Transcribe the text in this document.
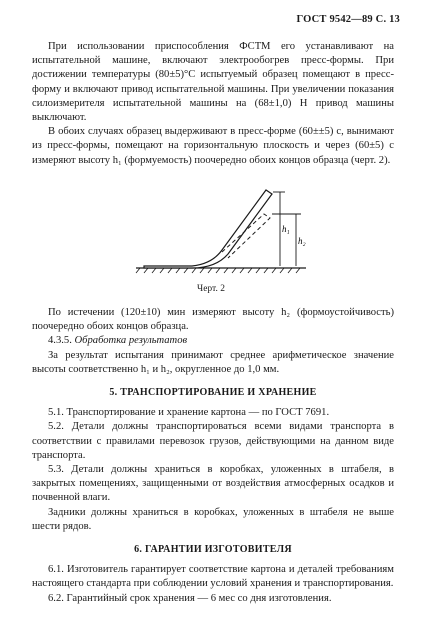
ГОСТ 9542—89 С. 13

При использовании приспособления ФСТМ его устанавливают на испытательной машине, включают электрообогрев пресс-формы. При достижении температуры (80±5)°С испытуемый образец помещают в пресс-форму и включают привод испытательной машины. При увеличении показания силоизмерителя испытательной машины на (68±1,0) Н привод машины выключают.

В обоих случаях образец выдерживают в пресс-форме (60±±5) с, вынимают из пресс-формы, помещают на горизонтальную плоскость и через (60±5) с измеряют высоту h₁ (формуемость) поочередно обоих концов образца (черт. 2).

h₁
h₂
Черт. 2

По истечении (120±10) мин измеряют высоту h₂ (формоустойчивость) поочередно обоих концов образца.

4.3.5. Обработка результатов

За результат испытания принимают среднее арифметическое значение высоты соответственно h₁ и h₂, округленное до 1,0 мм.

5. ТРАНСПОРТИРОВАНИЕ И ХРАНЕНИЕ

5.1. Транспортирование и хранение картона — по ГОСТ 7691.

5.2. Детали должны транспортироваться всеми видами транспорта в соответствии с правилами перевозок грузов, действующими на данном виде транспорта.

5.3. Детали должны храниться в коробках, уложенных в штабеля, в закрытых помещениях, защищенными от воздействия атмосферных осадков и почвенной влаги.

Задники должны храниться в коробках, уложенных в штабеля не выше шести рядов.

6. ГАРАНТИИ ИЗГОТОВИТЕЛЯ

6.1. Изготовитель гарантирует соответствие картона и деталей требованиям настоящего стандарта при соблюдении условий хранения и транспортирования.

6.2. Гарантийный срок хранения — 6 мес со дня изготовления.
